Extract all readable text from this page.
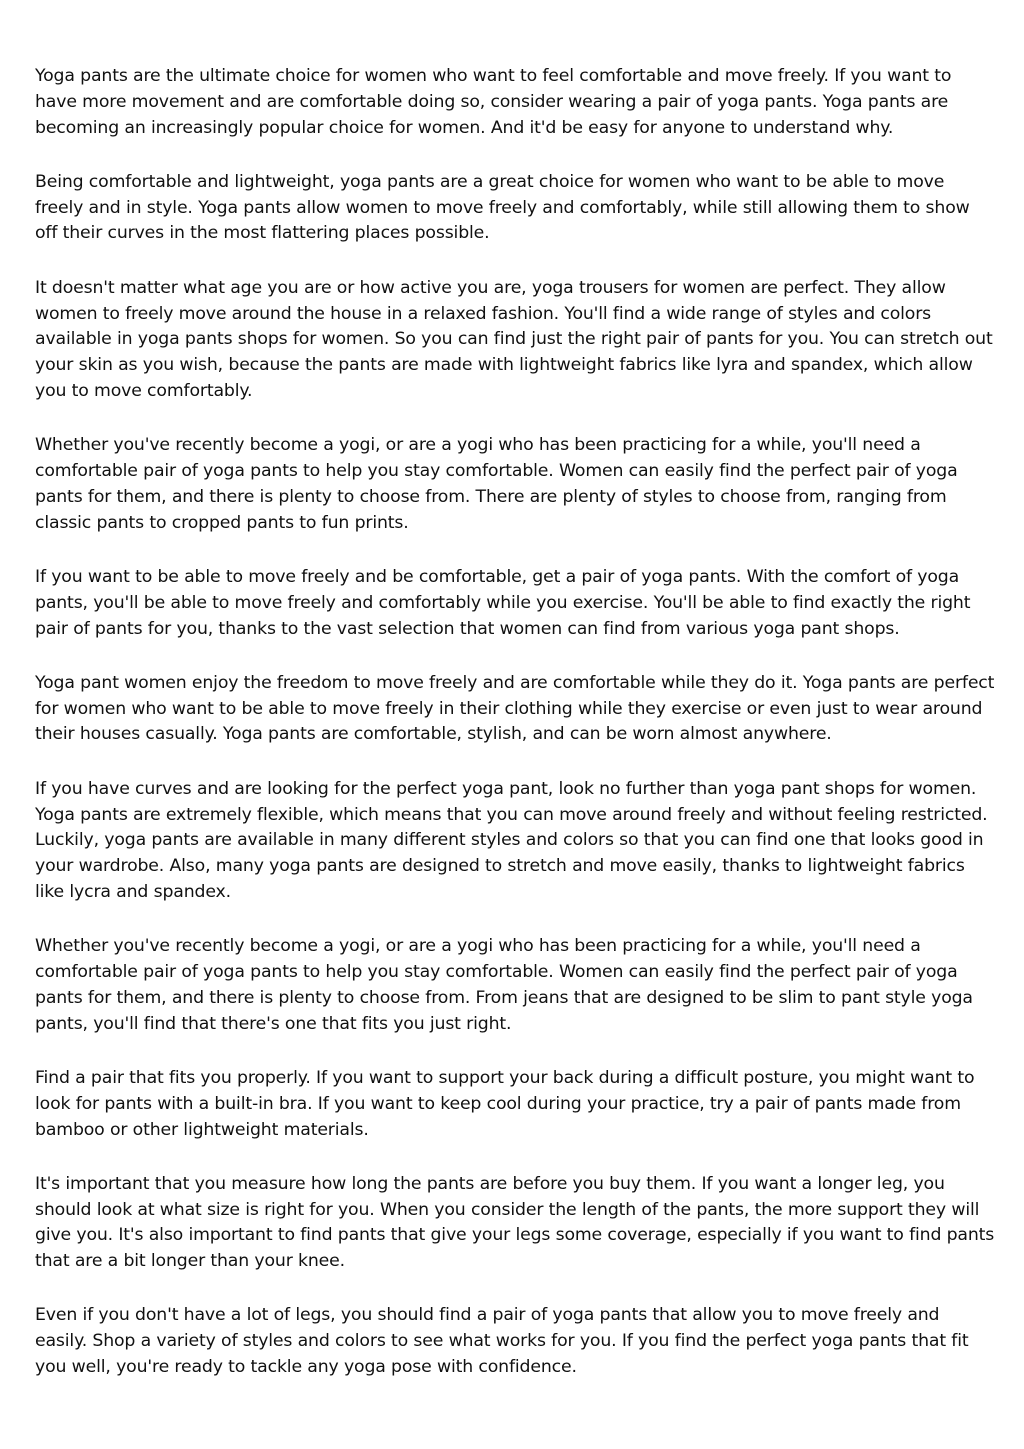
Yoga pants are the ultimate choice for women who want to feel comfortable and move freely. If you want to have more movement and are comfortable doing so, consider wearing a pair of yoga pants. Yoga pants are becoming an increasingly popular choice for women. And it'd be easy for anyone to understand why.

Being comfortable and lightweight, yoga pants are a great choice for women who want to be able to move freely and in style. Yoga pants allow women to move freely and comfortably, while still allowing them to show off their curves in the most flattering places possible.

It doesn't matter what age you are or how active you are, yoga trousers for women are perfect. They allow women to freely move around the house in a relaxed fashion. You'll find a wide range of styles and colors available in yoga pants shops for women. So you can find just the right pair of pants for you. You can stretch out your skin as you wish, because the pants are made with lightweight fabrics like lyra and spandex, which allow you to move comfortably.

Whether you've recently become a yogi, or are a yogi who has been practicing for a while, you'll need a comfortable pair of yoga pants to help you stay comfortable. Women can easily find the perfect pair of yoga pants for them, and there is plenty to choose from. There are plenty of styles to choose from, ranging from classic pants to cropped pants to fun prints.

If you want to be able to move freely and be comfortable, get a pair of yoga pants. With the comfort of yoga pants, you'll be able to move freely and comfortably while you exercise. You'll be able to find exactly the right pair of pants for you, thanks to the vast selection that women can find from various yoga pant shops.

Yoga pant women enjoy the freedom to move freely and are comfortable while they do it. Yoga pants are perfect for women who want to be able to move freely in their clothing while they exercise or even just to wear around their houses casually. Yoga pants are comfortable, stylish, and can be worn almost anywhere.

If you have curves and are looking for the perfect yoga pant, look no further than yoga pant shops for women. Yoga pants are extremely flexible, which means that you can move around freely and without feeling restricted. Luckily, yoga pants are available in many different styles and colors so that you can find one that looks good in your wardrobe. Also, many yoga pants are designed to stretch and move easily, thanks to lightweight fabrics like lycra and spandex.

Whether you've recently become a yogi, or are a yogi who has been practicing for a while, you'll need a comfortable pair of yoga pants to help you stay comfortable. Women can easily find the perfect pair of yoga pants for them, and there is plenty to choose from. From jeans that are designed to be slim to pant style yoga pants, you'll find that there's one that fits you just right.

Find a pair that fits you properly. If you want to support your back during a difficult posture, you might want to look for pants with a built-in bra. If you want to keep cool during your practice, try a pair of pants made from bamboo or other lightweight materials.

It's important that you measure how long the pants are before you buy them. If you want a longer leg, you should look at what size is right for you. When you consider the length of the pants, the more support they will give you. It's also important to find pants that give your legs some coverage, especially if you want to find pants that are a bit longer than your knee.

Even if you don't have a lot of legs, you should find a pair of yoga pants that allow you to move freely and easily. Shop a variety of styles and colors to see what works for you. If you find the perfect yoga pants that fit you well, you're ready to tackle any yoga pose with confidence.
